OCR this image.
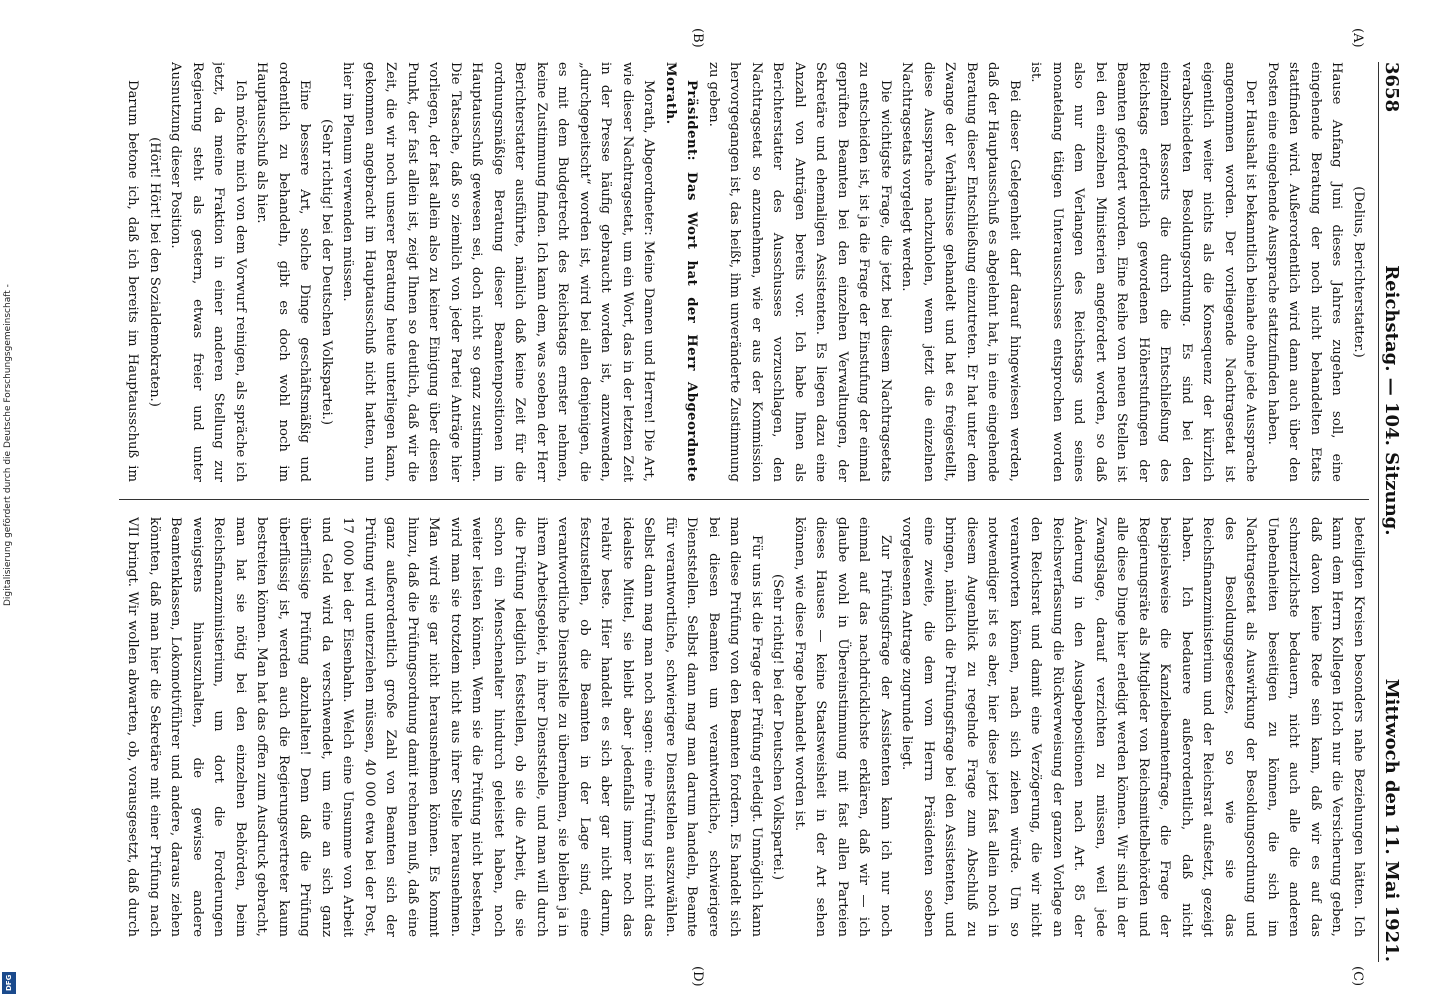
3658
Reichstag. — 104. Sitzung.
Mittwoch den 11. Mai 1921.
(A)
(B)
(C)
(D)

(Delius, Berichterstatter.)

Hause Anfang Juni dieses Jahres zugehen soll, eine eingehende Beratung der noch nicht behandelten Etats stattfinden wird. Außerordentlich wird dann auch über den Posten eine eingehende Aussprache stattzufinden haben.

Der Haushalt ist bekanntlich beinahe ohne jede Aussprache angenommen worden. Der vorliegende Nachtragsetat ist eigentlich weiter nichts als die Konsequenz der kürzlich verabschiedeten Besoldungsordnung. Es sind bei den einzelnen Ressorts die durch die Entschließung des Reichstags erforderlich gewordenen Höherstufungen der Beamten gefordert worden. Eine Reihe von neuen Stellen ist bei den einzelnen Ministerien angefordert worden, so daß also nur dem Verlangen des Reichstags und seines monatelang tätigen Unterausschusses entsprochen worden ist.

Bei dieser Gelegenheit darf darauf hingewiesen werden, daß der Hauptausschuß es abgelehnt hat, in eine eingehende Beratung dieser Entschließung einzutreten. Er hat unter dem Zwange der Verhältnisse gehandelt und hat es freigestellt, diese Aussprache nachzuholen, wenn jetzt die einzelnen Nachtragsetats vorgelegt werden.

Die wichtigste Frage, die jetzt bei diesem Nachtragsetats zu entscheiden ist, ist ja die Frage der Einstufung der einmal geprüften Beamten bei den einzelnen Verwaltungen, der Sekretäre und ehemaligen Assistenten. Es liegen dazu eine Anzahl von Anträgen bereits vor. Ich habe Ihnen als Berichterstatter des Ausschusses vorzuschlagen, den Nachtragsetat so anzunehmen, wie er aus der Kommission hervorgegangen ist, das heißt, ihm unveränderte Zustimmung zu geben.

Präsident: Das Wort hat der Herr Abgeordnete Morath.

Morath, Abgeordneter: Meine Damen und Herren! Die Art, wie dieser Nachtragsetat, um ein Wort, das in der letzten Zeit in der Presse häufig gebraucht worden ist, anzuwenden, „durchgepeitscht“ worden ist, wird bei allen denjenigen, die es mit dem Budgetrecht des Reichstags ernster nehmen, keine Zustimmung finden. Ich kann dem, was soeben der Herr Berichterstatter ausführte, nämlich daß keine Zeit für die ordnungsmäßige Beratung dieser Beamtenpositionen im Hauptausschuß gewesen sei, doch nicht so ganz zustimmen. Die Tatsache, daß so ziemlich von jeder Partei Anträge hier vorliegen, der fast allein also zu keiner Einigung über diesen Punkt, der fast allein ist, zeigt Ihnen so deutlich, daß wir die Zeit, die wir noch unserer Beratung heute unterliegen kann, gekommen angebracht im Hauptausschuß nicht hatten, nun hier im Plenum verwenden müssen.

(Sehr richtig! bei der Deutschen Volkspartei.)

Eine bessere Art, solche Dinge geschäftsmäßig und ordentlich zu behandeln, gibt es doch wohl noch im Hauptausschuß als hier.

Ich möchte mich von dem Vorwurf reinigen, als spräche ich jetzt, da meine Fraktion in einer anderen Stellung zur Regierung steht als gestern, etwas freier und unter Ausnutzung dieser Position.

(Hört! Hört! bei den Sozialdemokraten.)

Darum betone ich, daß ich bereits im Hauptausschuß im

beteiligten Kreisen besonders nahe Beziehungen hätten. Ich kann dem Herrn Kollegen Hoch nur die Versicherung geben, daß davon keine Rede sein kann, daß wir es auf das schmerzlichste bedauern, nicht auch alle die anderen Unebenheiten beseitigen zu können, die sich im Nachtragsetat als Auswirkung der Besoldungsordnung und des Besoldungsgesetzes, so wie sie das Reichsfinanzministerium und der Reichsrat aufsetzt, gezeigt haben. Ich bedauere außerordentlich, daß nicht beispielsweise die Kanzleibeamtenfrage, die Frage der Regierungsräte als Mitglieder von Reichsmittelbehörden und alle diese Dinge hier erledigt werden können. Wir sind in der Zwangslage, darauf verzichten zu müssen, weil jede Änderung in den Ausgabepositionen nach Art. 85 der Reichsverfassung die Rückverweisung der ganzen Vorlage an den Reichsrat und damit eine Verzögerung, die wir nicht verantworten können, nach sich ziehen würde. Um so notwendiger ist es aber, hier diese jetzt fast allein noch in diesem Augenblick zu regelnde Frage zum Abschluß zu bringen, nämlich die Prüfungsfrage bei den Assistenten, und eine zweite, die dem vom Herrn Präsidenten soeben vorgelesenen Antrage zugrunde liegt.

Zur Prüfungsfrage der Assistenten kann ich nur noch einmal auf das nachdrücklichste erklären, daß wir — ich glaube wohl in Übereinstimmung mit fast allen Parteien dieses Hauses — keine Staatsweisheit in der Art sehen können, wie diese Frage behandelt worden ist.

(Sehr richtig! bei der Deutschen Volkspartei.)

Für uns ist die Frage der Prüfung erledigt. Unmöglich kann man diese Prüfung von den Beamten fordern. Es handelt sich bei diesen Beamten um verantwortliche, schwierigere Dienststellen. Selbst dann mag man darum handeln, Beamte für verantwortliche, schwierigere Dienststellen auszuwählen. Selbst dann mag man noch sagen: eine Prüfung ist nicht das idealste Mittel, sie bleibt aber jedenfalls immer noch das relativ beste. Hier handelt es sich aber gar nicht darum, festzustellen, ob die Beamten in der Lage sind, eine verantwortliche Dienststelle zu übernehmen, sie bleiben ja in ihrem Arbeitsgebiet, in ihrer Dienststelle, und man will durch die Prüfung lediglich feststellen, ob sie die Arbeit, die sie schon ein Menschenalter hindurch geleistet haben, noch weiter leisten können. Wenn sie die Prüfung nicht bestehen, wird man sie trotzdem nicht aus ihrer Stelle herausnehmen. Man wird sie gar nicht herausnehmen können. Es kommt hinzu, daß die Prüfungsordnung damit rechnen muß, daß eine ganz außerordentlich große Zahl von Beamten sich der Prüfung wird unterziehen müssen, 40 000 etwa bei der Post, 17 000 bei der Eisenbahn. Welch eine Unsumme von Arbeit und Geld wird da verschwendet, um eine an sich ganz überflüssige Prüfung abzuhalten! Denn daß die Prüfung überflüssig ist, werden auch die Regierungsvertreter kaum bestreiten können. Man hat das offen zum Ausdruck gebracht, man hat sie nötig bei den einzelnen Behörden, beim Reichsfinanzministerium, um dort die Forderungen wenigstens hinauszuhalten, die gewisse andere Beamtenklassen, Lokomotivführer und andere, daraus ziehen könnten, daß man hier die Sekretäre mit einer Prüfung nach VII bringt. Wir wollen abwarten, ob, vorausgesetzt, daß durch

Digitalisierung gefördert durch die Deutsche Forschungsgemeinschaft -
DFG
